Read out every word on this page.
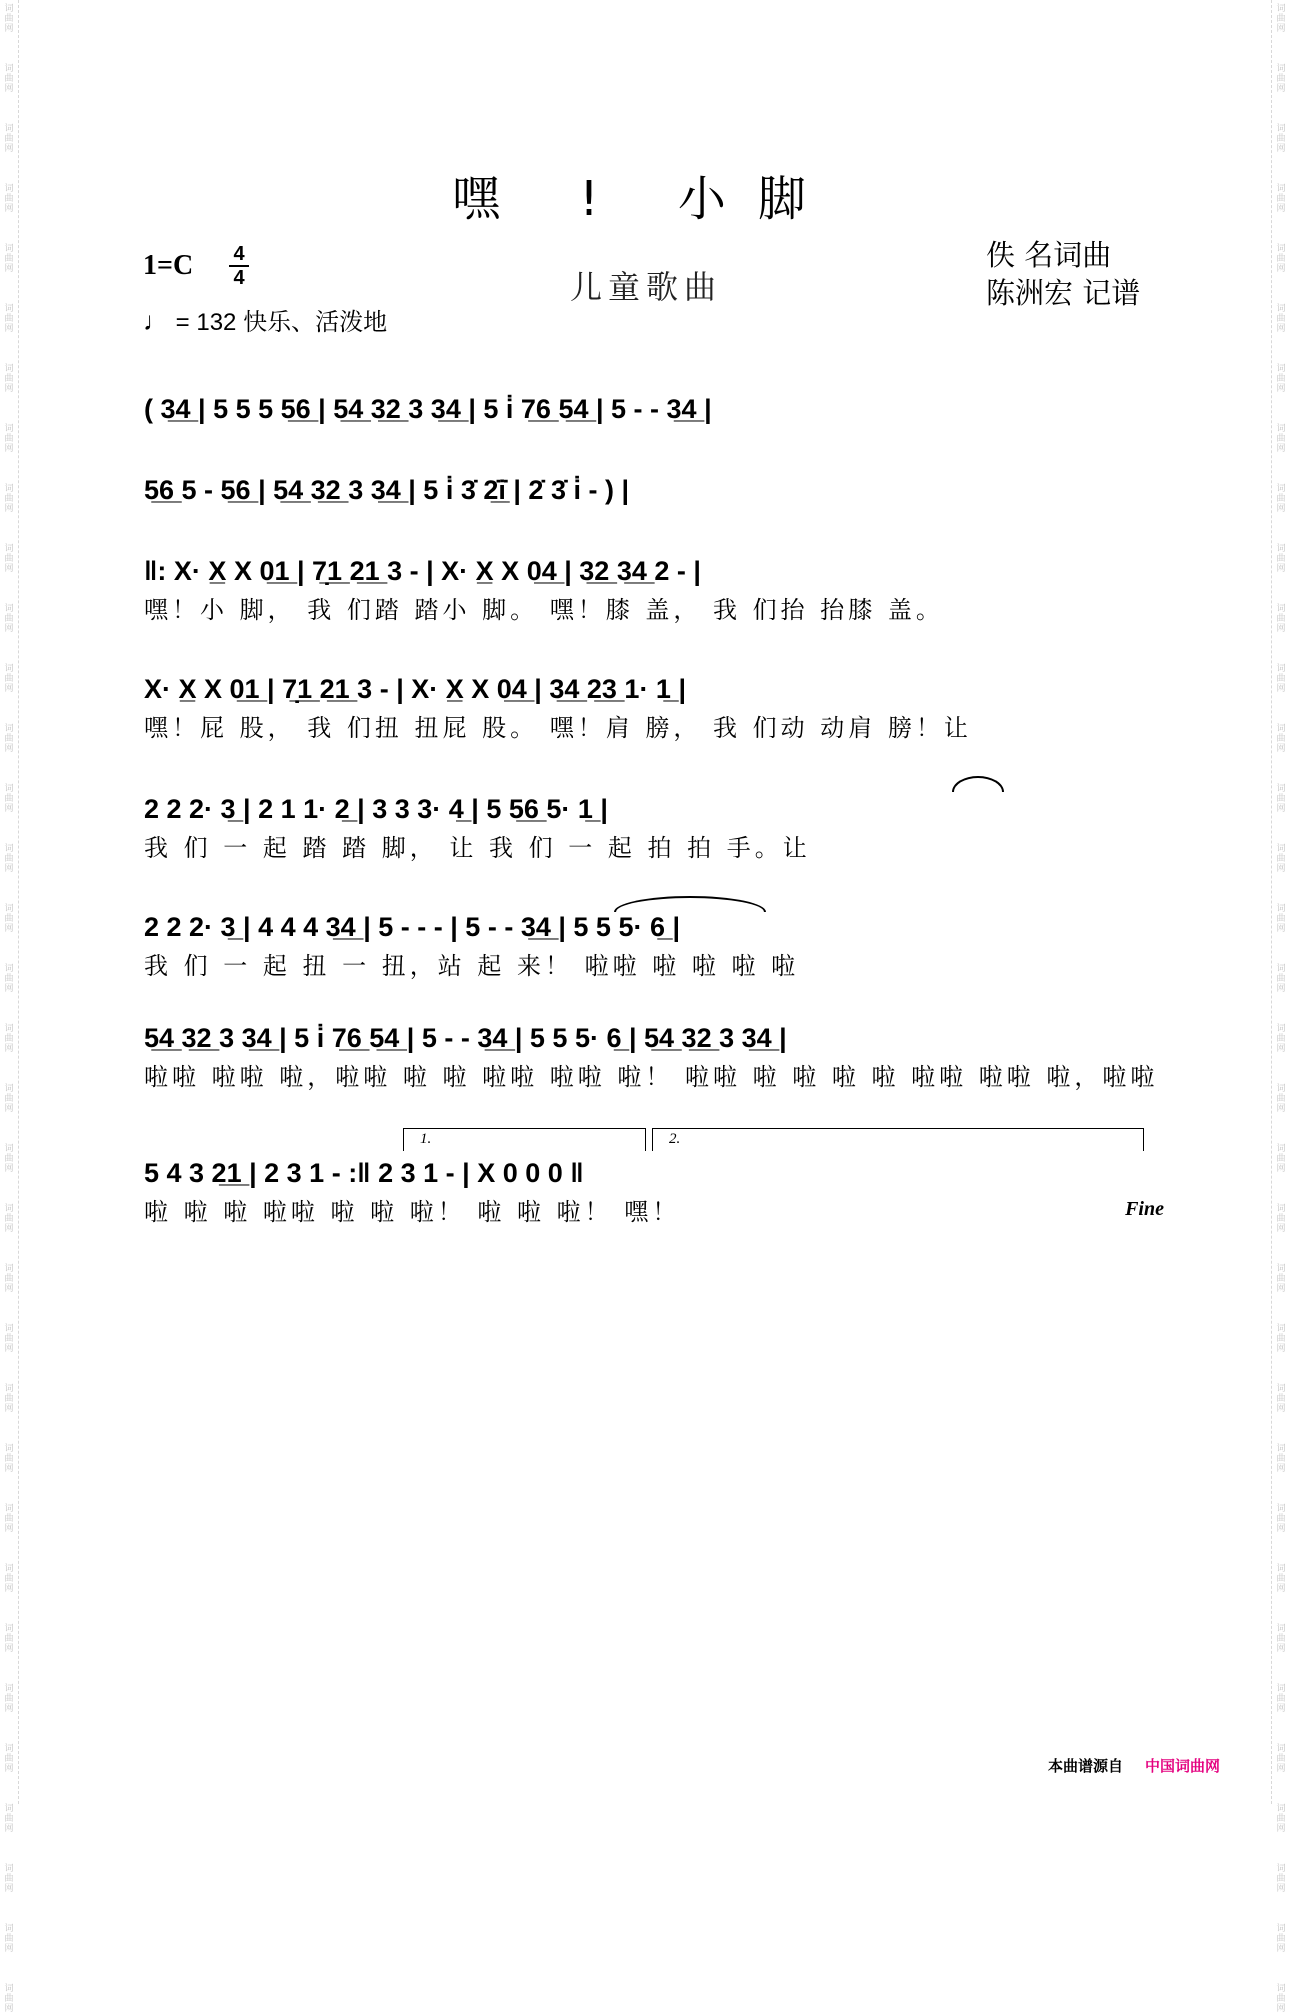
词
曲
网
词
曲
网
词
曲
网
词
曲
网
词
曲
网
词
曲
网
词
曲
网
词
曲
网
词
曲
网
词
曲
网
词
曲
网
词
曲
网
词
曲
网
词
曲
网
词
曲
网
词
曲
网
词
曲
网
词
曲
网
词
曲
网
词
曲
网
词
曲
网
词
曲
网
词
曲
网
词
曲
网
词
曲
网
词
曲
网
词
曲
网
词
曲
网
词
曲
网
词
曲
网
词
曲
网
词
曲
网
词
曲
网
词
曲
网
词
曲
网
词
曲
网
词
曲
网
词
曲
网
词
曲
网
词
曲
网
词
曲
网
词
曲
网
词
曲
网
词
曲
网
词
曲
网
词
曲
网
词
曲
网
词
曲
网
词
曲
网
词
曲
网
词
曲
网
词
曲
网
词
曲
网
词
曲
网
词
曲
网
词
曲
网
词
曲
网
词
曲
网
词
曲
网
词
曲
网
词
曲
网
词
曲
网
词
曲
网
词
曲
网
词
曲
网
词
曲
网
词
曲
网
词
曲
网
嘿 ! 小脚
1=C 4
4
♩ = 132 快乐、活泼地
儿童歌曲
佚 名词曲
陈洲宏 记谱
( 3̲4̲ | 5 5 5 5̲6̲ | 5̲4̲ 3̲2̲ 3 3̲4̲ | 5 i̇ 7̲6̲ 5̲4̲ | 5 - - 3̲4̲ |
5̲6̲ 5 - 5̲6̲ | 5̲4̲ 3̲2̲ 3 3̲4̲ | 5 i̇ 3̇ 2̲̇i̲̇ | 2̇ 3̇ i̇ - ) |
‖: X· X̲ X 0̲1̲ | 7̣̲1̲ 2̲1̲ 3 - | X· X̲ X 0̲4̲ | 3̲2̲ 3̲4̲ 2 - |
嘿！小 脚， 我 们踏 踏小 脚。 嘿！膝 盖， 我 们抬 抬膝 盖。
X· X̲ X 0̲1̲ | 7̣̲1̲ 2̲1̲ 3 - | X· X̲ X 0̲4̲ | 3̲4̲ 2̲3̲ 1· 1̲ |
嘿！屁 股， 我 们扭 扭屁 股。 嘿！肩 膀， 我 们动 动肩 膀！让
2 2 2· 3̲ | 2 1 1· 2̲ | 3 3 3· 4̲ | 5 5̲6̲ 5· 1̲ |
我 们 一 起 踏 踏 脚， 让 我 们 一 起 拍 拍 手。让
2 2 2· 3̲ | 4 4 4 3̲4̲ | 5 - - - | 5 - - 3̲4̲ | 5 5 5· 6̲ |
我 们 一 起 扭 一 扭，站 起 来！ 啦啦 啦 啦 啦 啦
5̲4̲ 3̲2̲ 3 3̲4̲ | 5 i̇ 7̲6̲ 5̲4̲ | 5 - - 3̲4̲ | 5 5 5· 6̲ | 5̲4̲ 3̲2̲ 3 3̲4̲ |
啦啦 啦啦 啦，啦啦 啦 啦 啦啦 啦啦 啦！ 啦啦 啦 啦 啦 啦 啦啦 啦啦 啦，啦啦
1.	2.
5 4 3 2̲1̲ | 2 3 1 - :‖ 2 3 1 - | X 0 0 0 ‖
啦 啦 啦 啦啦 啦 啦 啦！ 啦 啦 啦！ 嘿！	Fine
本曲谱源自 中国词曲网
